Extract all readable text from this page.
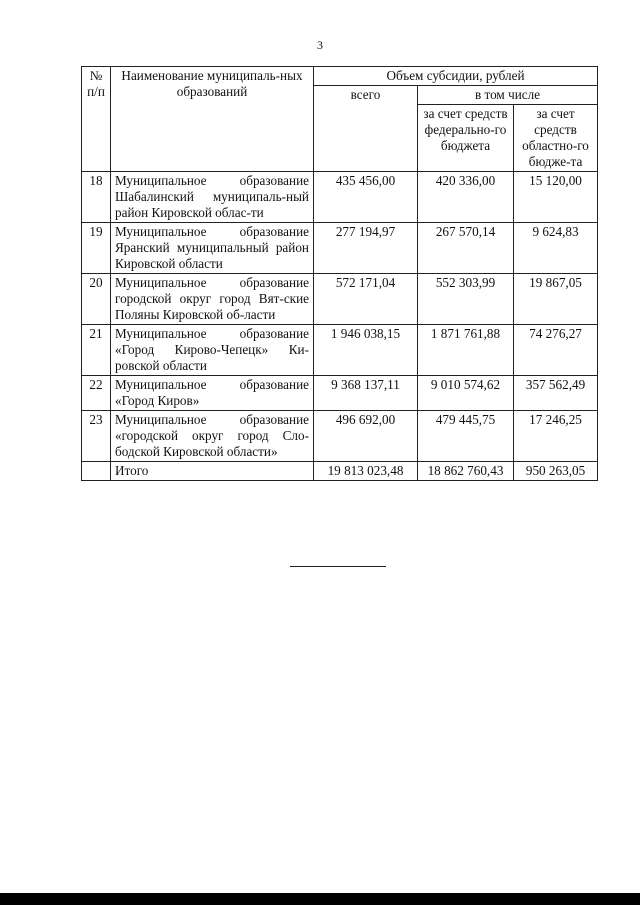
3
№ п/п	Наименование муниципаль-ных образований	Объем субсидии, рублей		
		всего	в том числе	
			за счет средств федерально-го бюджета	за счет средств областно-го бюдже-та
18	Муниципальное образование Шабалинский муниципаль-ный район Кировской облас-ти	435 456,00	420 336,00	15 120,00
19	Муниципальное образование Яранский муниципальный район Кировской области	277 194,97	267 570,14	9 624,83
20	Муниципальное образование городской округ город Вят-ские Поляны Кировской об-ласти	572 171,04	552 303,99	19 867,05
21	Муниципальное образование «Город Кирово-Чепецк» Ки-ровской области	1 946 038,15	1 871 761,88	74 276,27
22	Муниципальное образование «Город Киров»	9 368 137,11	9 010 574,62	357 562,49
23	Муниципальное образование «городской округ город Сло-бодской Кировской области»	496 692,00	479 445,75	17 246,25
	Итого	19 813 023,48	18 862 760,43	950 263,05
